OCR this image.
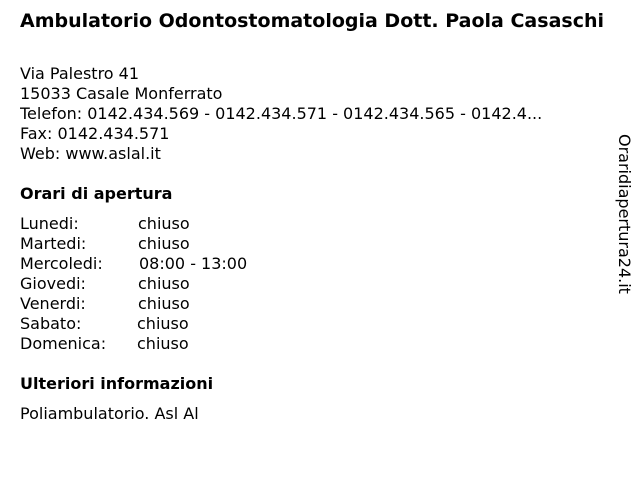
Ambulatorio Odontostomatologia Dott. Paola Casaschi
Via Palestro 41
15033 Casale Monferrato
Telefon: 0142.434.569 - 0142.434.571 - 0142.434.565 - 0142.4...
Fax: 0142.434.571
Web: www.aslal.it
Orari di apertura
Lunedi:	chiuso
Martedi:	chiuso
Mercoledi: 08:00 - 13:00
Giovedi:	chiuso
Venerdi:	chiuso
Sabato:	chiuso
Domenica: chiuso
Ulteriori informazioni
Poliambulatorio. Asl Al
Oraridiapertura24.it
